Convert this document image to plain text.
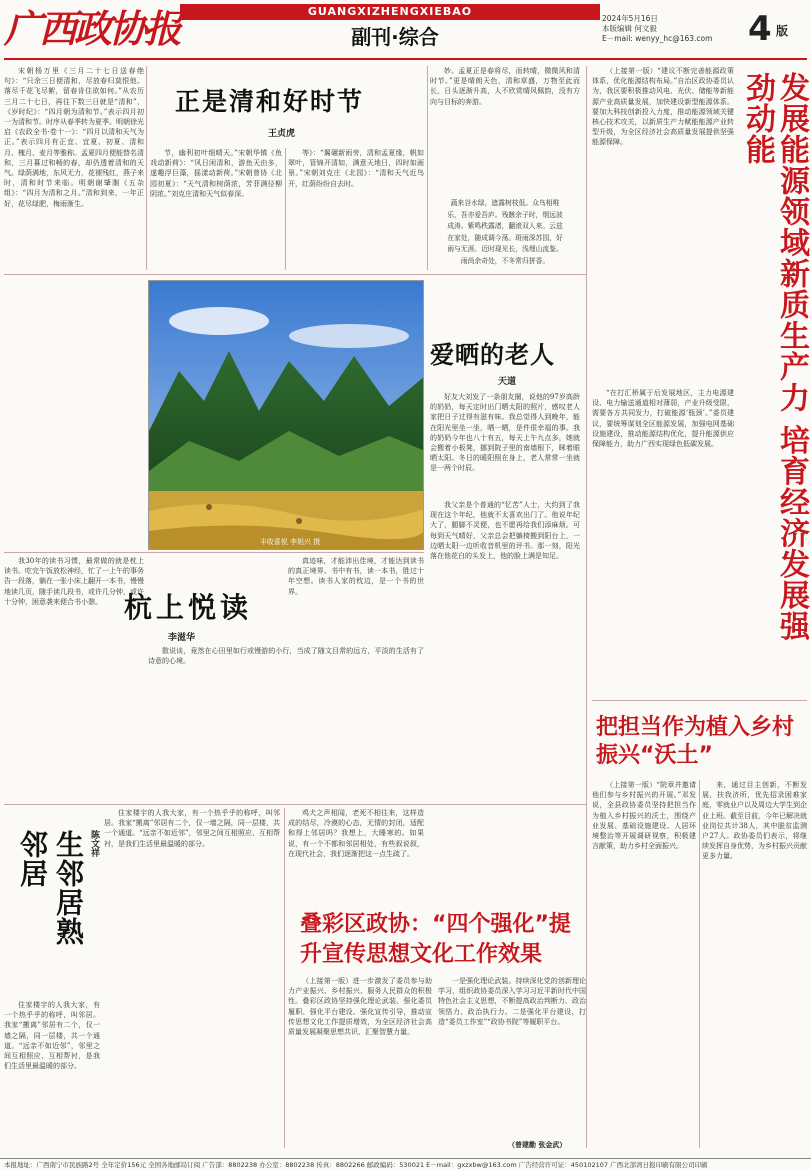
广西政协报	GUANGXIZHENGXIEBAO
副刊·综合
2024年5月16日
本版编辑 何文毅
E－mail: wenyy_hc@163.com	4 版
宋朝杨万里《三月二十七日送春绝句》：“只余三日便清和，尽放春归莫恨他。落尽千花飞尽絮，留春肯住欲如何。”从农历三月二十七日，再往下数三日就是“清和”，《岁时纪》：“四月朝为清和节。”表示四月初一为清和节。时序从春季转为夏季。明朝徐光启《农政全书·卷十一》：“四月以清和天气为正。”表示四月有正宜、宜夏、初夏、清和月、槐月、麦月等雅称。孟夏四月便能替名清和，三月暮过和畅的春，却仍透着清和的天气。绿荫满地，东风无力，花褪残红，燕子来时，清和时节来临。明朝谢肇淛《五杂组》：“四月为清和之月。”清和到来，一年正好，花尽绿肥，梅雨渐生。
正是清和好时节
王贞虎
节，幽利初叶细晴天。”宋朝华镇《鱼戏动新荷》：“风日闲清和，游鱼天由多，遂趣浮巨藻，摇漾动新荷。”宋朝曾协《北园初夏》：“天气清和树荫浓，芳菲满径柳阴浓。”刘克庄清和天气似春深。
等》：“翼碾新雨旁，清和孟夏缘，帆如翠叶，管锦开清如，满意天地日，四时如画景。”宋朝刘克庄《北园》：“清和天气近鸟开，红荫纷纷自去时。
妙。孟夏正是春将尽，而转晴，微微风和清时节。”更是晴朗天色，清和草盛，万物至此而长，日头逐渐升高，人不欣赏晴风佩韵，没有方向与目标的奔游。
蔬来谷水绿，遮露树枝低。众鸟相唯乐，吾亦爱吾庐。残骸余子时，烟远波成涛。紫鸣秩露渚，翻滚双人来。云兹在家处，随成调今荡。斑雨深苏园，好雨与无涯。近时现见长，浅埋山流鉴。雨尚余奇处，不冬常归拼香。
丰收喜悦 李旭兴 摄
爱晒的老人
天道
好友大刘发了一条朋友圈，说他的97岁高龄的奶奶，每天定时出门晒太阳的照片，感叹老人家把日子过得有滋有味。我总觉得人到晚年，能在阳光里坐一坐，晒一晒，是件很幸福的事。我的奶奶今年也八十有五，每天上午九点多，她就会搬着小板凳，挪到院子里的南墙根下，眯着眼晒太阳。冬日的暖阳照在身上，老人常常一坐就是一两个时辰。
我父亲是个普通的“忆苦”人士，大约到了我现在这个年纪，他就不太喜欢出门了。他说年纪大了，腿脚不灵便，也不愿再给我们添麻烦。可每到天气晴好，父亲总会把躺椅搬到阳台上，一边晒太阳一边听收音机里的评书。那一刻，阳光落在他花白的头发上，他的脸上满是知足。
我30年的读书习惯，最常做的就是枕上读书。吃完午饭放松神经，忙了一上午的事务告一段落，躺在一张小床上翻开一本书，慢慢地读几页，随手读几段书，或许几分钟，或许十分钟，困意袭来便合书小憩。 杭上悦读
李滋华
真迹味，才能沛出佳境，才能达到读书的真正境界。书中有书，读一本书，胜过十年空想。读书人家的枕边，是一个书的世界。
散说谈，竟然在心田里如行或慢游的小行，当成了随文目常的远方，平淡的生活有了诗意的心境。
生邻居熟邻居	陈文祥
住家楼宇的人我大家，有一个热乎乎的称呼，叫邻居。我家“搬离”邻居有二个，仅一墙之隔，同一层楼，共一个通道。“远亲不如近邻”，邻里之间互相照应、互相帮衬，是我们生活里最温暖的部分。
住家楼宇的人我大家，有一个热乎乎的称呼，叫邻居。我家“搬离”邻居有二个，仅一墙之隔，同一层楼，共一个通道。“远亲不如近邻”，邻里之间互相照应、互相帮衬，是我们生活里最温暖的部分。
鸡犬之声相闻，老死不相往来，这样造成的结尽，冷漠的心态，无情的封闭，适配和得上邻居吗？我想上，大睡寒的。如果说，有一个不都和邻居相处，有些叙说叙，在现代社会，我们逐渐把这一点生疏了。
叠彩区政协：“四个强化”提升宣传思想文化工作效果
（上接第一版）进一步激发了委员参与助力产业振兴、乡村振兴、服务人民群众的积极性。叠彩区政协坚持强化理论武装、强化委员履职、强化平台建设、强化宣传引导，推动宣传思想文化工作提质增效，为全区经济社会高质量发展凝聚思想共识、汇聚智慧力量。
一是强化理论武装。持续深化党的创新理论学习，组织政协委员深入学习习近平新时代中国特色社会主义思想，不断提高政治判断力、政治领悟力、政治执行力。二是强化平台建设，打造“委员工作室”“政协书院”等履职平台。
（曾建勤 张金武）
发展能源领域新质生产力 培育经济发展强劲动能
（上接第一版）“建议不断完善能源政策体系，优化能源结构布局。”自治区政协委员认为，我区要积极推动风电、光伏、储能等新能源产业高质量发展，加快建设新型能源体系。要加大科技创新投入力度，推动能源领域关键核心技术攻关，以新质生产力赋能能源产业转型升级，为全区经济社会高质量发展提供坚强能源保障。
“在打汇桥属于后发展地区，主力电源建设、电力输送通道相对薄弱，产业升级受限，需要各方共同发力，打破能源‘瓶颈’。”委员建议，要统筹谋划全区能源发展，加强电网基础设施建设，推动能源结构优化，提升能源供应保障能力，助力广西实现绿色低碳发展。
把担当作为植入乡村振兴“沃土”
（上接第一版）“院章并邀请他们参与乡村振兴的开展。”邓发说，全县政协委员坚持把担当作为植入乡村振兴的沃土，围绕产业发展、基础设施建设、人居环境整治等开展调研视察，积极建言献策，助力乡村全面振兴。
来，通过目主创新，不断发展，扶我济所，优先招录困难家庭，零就业户以及周边大学生到企业上班。截至目前，今年已解决就业岗位共计38人，其中脱贫监测户27人。政协委员们表示，将继续发挥自身优势，为乡村振兴贡献更多力量。
本报地址：广西南宁市民族路2号 全年定价156元 全国各地邮局订阅 广告部：8802238 办公室：8802238 传真：8802266 邮政编码：530021 E－mail：gxzxbw@163.com 广告经营许可证：450102107 广西北部湾日报印刷有限公司印刷
